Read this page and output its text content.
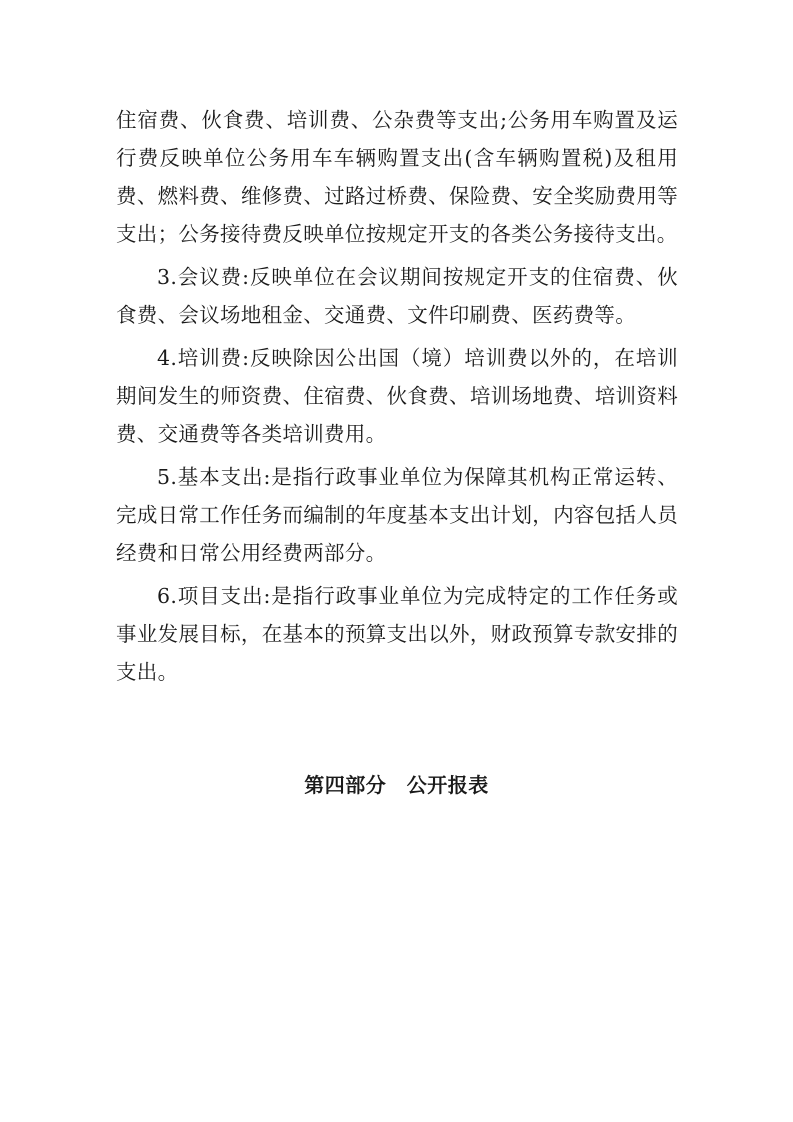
住宿费、伙食费、培训费、公杂费等支出;公务用车购置及运行费反映单位公务用车车辆购置支出(含车辆购置税)及租用费、燃料费、维修费、过路过桥费、保险费、安全奖励费用等支出；公务接待费反映单位按规定开支的各类公务接待支出。

3.会议费:反映单位在会议期间按规定开支的住宿费、伙食费、会议场地租金、交通费、文件印刷费、医药费等。

4.培训费:反映除因公出国（境）培训费以外的，在培训期间发生的师资费、住宿费、伙食费、培训场地费、培训资料费、交通费等各类培训费用。

5.基本支出:是指行政事业单位为保障其机构正常运转、完成日常工作任务而编制的年度基本支出计划，内容包括人员经费和日常公用经费两部分。

6.项目支出:是指行政事业单位为完成特定的工作任务或事业发展目标，在基本的预算支出以外，财政预算专款安排的支出。

第四部分　公开报表
